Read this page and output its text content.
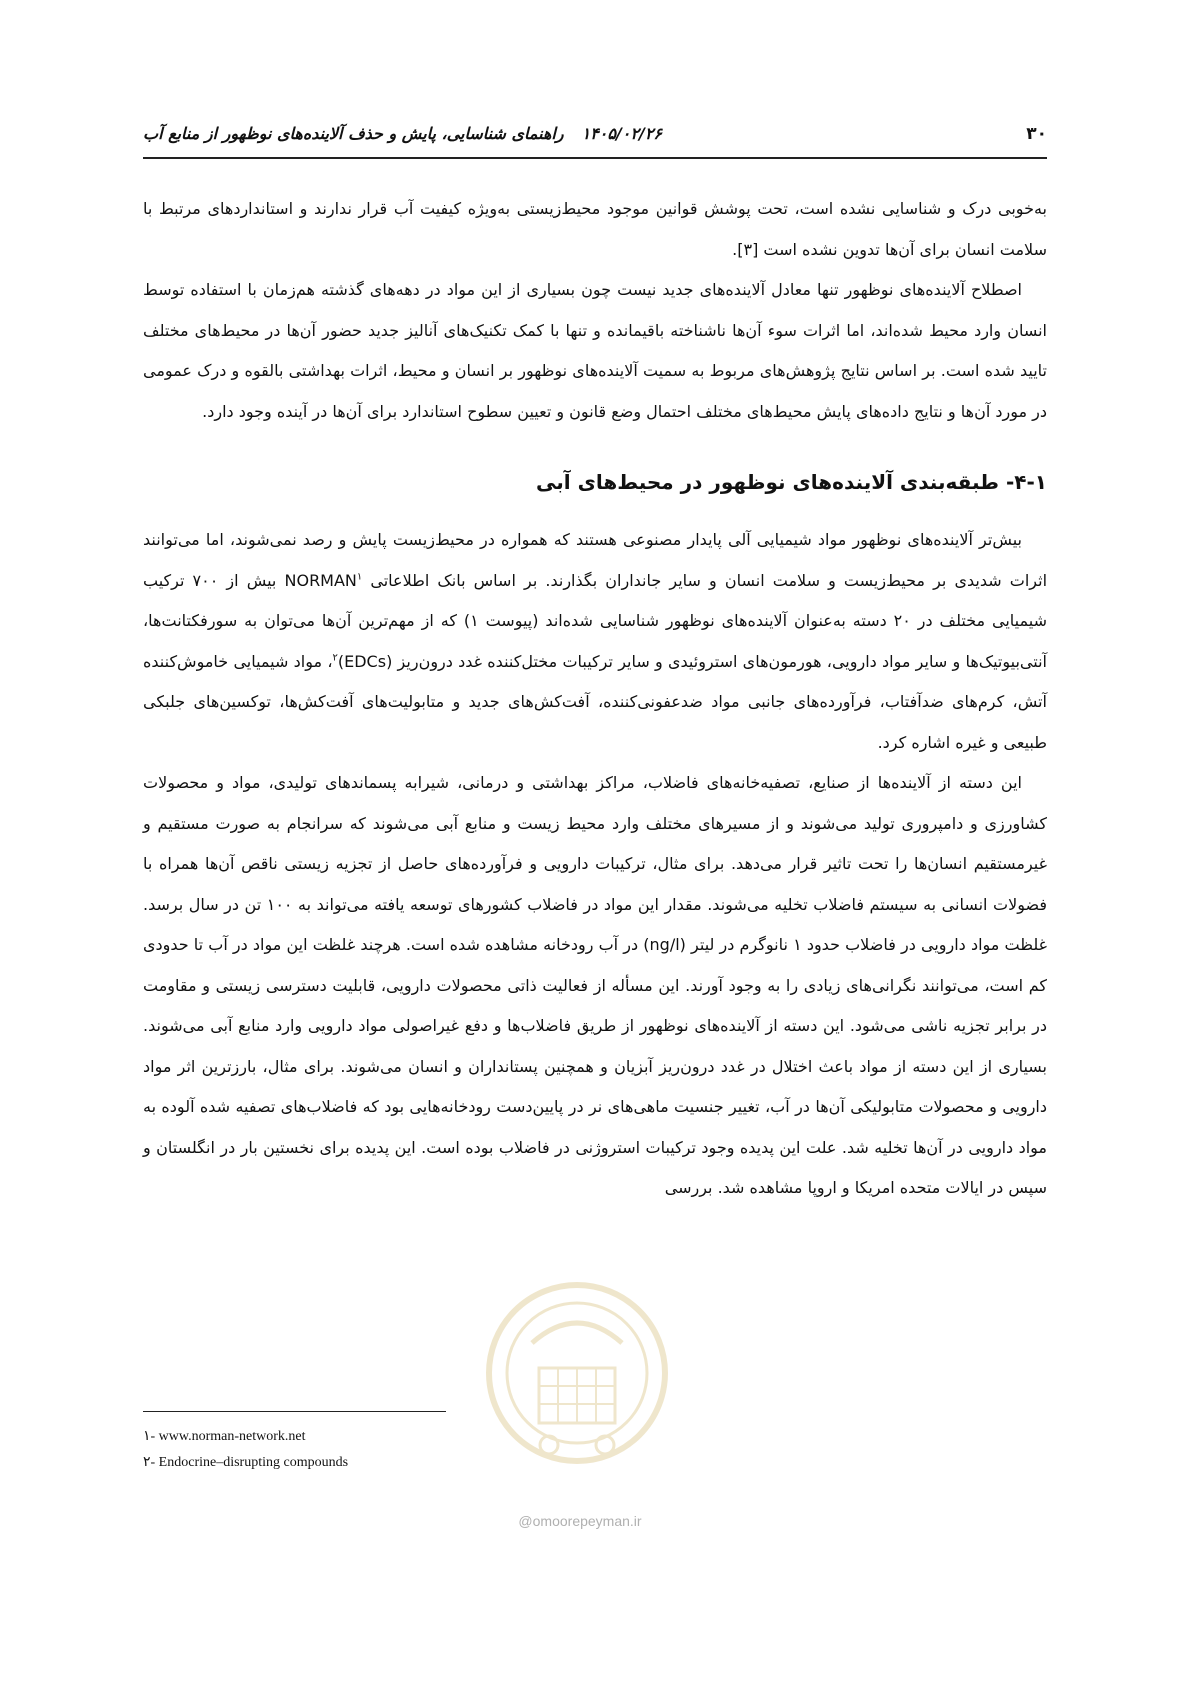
۳۰
۱۴۰۵/۰۲/۲۶راهنمای شناسایی، پایش و حذف آلاینده‌های نوظهور از منابع آب
@omoorepeyman.ir

به‌خوبی درک و شناسایی نشده است، تحت پوشش قوانین موجود محیط‌زیستی به‌ویژه کیفیت آب قرار ندارند و استانداردهای مرتبط با سلامت انسان برای آن‌ها تدوین نشده است [۳].

اصطلاح آلاینده‌های نوظهور تنها معادل آلاینده‌های جدید نیست چون بسیاری از این مواد در دهه‌های گذشته هم‌زمان با استفاده توسط انسان وارد محیط شده‌اند، اما اثرات سوء آن‌ها ناشناخته باقیمانده و تنها با کمک تکنیک‌های آنالیز جدید حضور آن‌ها در محیط‌های مختلف تایید شده است. بر اساس نتایج پژوهش‌های مربوط به سمیت آلاینده‌های نوظهور بر انسان و محیط، اثرات بهداشتی بالقوه و درک عمومی در مورد آن‌ها و نتایج داده‌های پایش محیط‌های مختلف احتمال وضع قانون و تعیین سطوح استاندارد برای آن‌ها در آینده وجود دارد.

۴-۱- طبقه‌بندی آلاینده‌های نوظهور در محیط‌های آبی

بیش‌تر آلاینده‌های نوظهور مواد شیمیایی آلی پایدار مصنوعی هستند که همواره در محیط‌زیست پایش و رصد نمی‌شوند، اما می‌توانند اثرات شدیدی بر محیط‌زیست و سلامت انسان و سایر جانداران بگذارند. بر اساس بانک اطلاعاتی NORMAN$^۱$ بیش از ۷۰۰ ترکیب شیمیایی مختلف در ۲۰ دسته به‌عنوان آلاینده‌های نوظهور شناسایی شده‌اند (پیوست ۱) که از مهم‌ترین آن‌ها می‌توان به سورفکتانت‌ها، آنتی‌بیوتیک‌ها و سایر مواد دارویی، هورمون‌های استروئیدی و سایر ترکیبات مختل‌کننده غدد درون‌ریز (EDCs)$^۲$، مواد شیمیایی خاموش‌کننده آتش، کرم‌های ضدآفتاب، فرآورده‌های جانبی مواد ضدعفونی‌کننده، آفت‌کش‌های جدید و متابولیت‌های آفت‌کش‌ها، توکسین‌های جلبکی طبیعی و غیره اشاره کرد.

این دسته از آلاینده‌ها از صنایع، تصفیه‌خانه‌های فاضلاب، مراکز بهداشتی و درمانی، شیرابه پسماندهای تولیدی، مواد و محصولات کشاورزی و دامپروری تولید می‌شوند و از مسیرهای مختلف وارد محیط زیست و منابع آبی می‌شوند که سرانجام به صورت مستقیم و غیرمستقیم انسان‌ها را تحت تاثیر قرار می‌دهد. برای مثال، ترکیبات دارویی و فرآورده‌های حاصل از تجزیه زیستی ناقص آن‌ها همراه با فضولات انسانی به سیستم فاضلاب تخلیه می‌شوند. مقدار این مواد در فاضلاب کشورهای توسعه یافته می‌تواند به ۱۰۰ تن در سال برسد. غلظت مواد دارویی در فاضلاب حدود ۱ نانوگرم در لیتر (ng/l) در آب رودخانه مشاهده شده است. هرچند غلظت این مواد در آب تا حدودی کم است، می‌توانند نگرانی‌های زیادی را به وجود آورند. این مسأله از فعالیت ذاتی محصولات دارویی، قابلیت دسترسی زیستی و مقاومت در برابر تجزیه ناشی می‌شود. این دسته از آلاینده‌های نوظهور از طریق فاضلاب‌ها و دفع غیراصولی مواد دارویی وارد منابع آبی می‌شوند. بسیاری از این دسته از مواد باعث اختلال در غدد درون‌ریز آبزیان و همچنین پستانداران و انسان می‌شوند. برای مثال، بارزترین اثر مواد دارویی و محصولات متابولیکی آن‌ها در آب، تغییر جنسیت ماهی‌های نر در پایین‌دست رودخانه‌هایی بود که فاضلاب‌های تصفیه شده آلوده به مواد دارویی در آن‌ها تخلیه شد. علت این پدیده وجود ترکیبات استروژنی در فاضلاب بوده است. این پدیده برای نخستین بار در انگلستان و سپس در ایالات متحده امریکا و اروپا مشاهده شد. بررسی

۱- www.norman-network.net
۲- Endocrine–disrupting compounds
